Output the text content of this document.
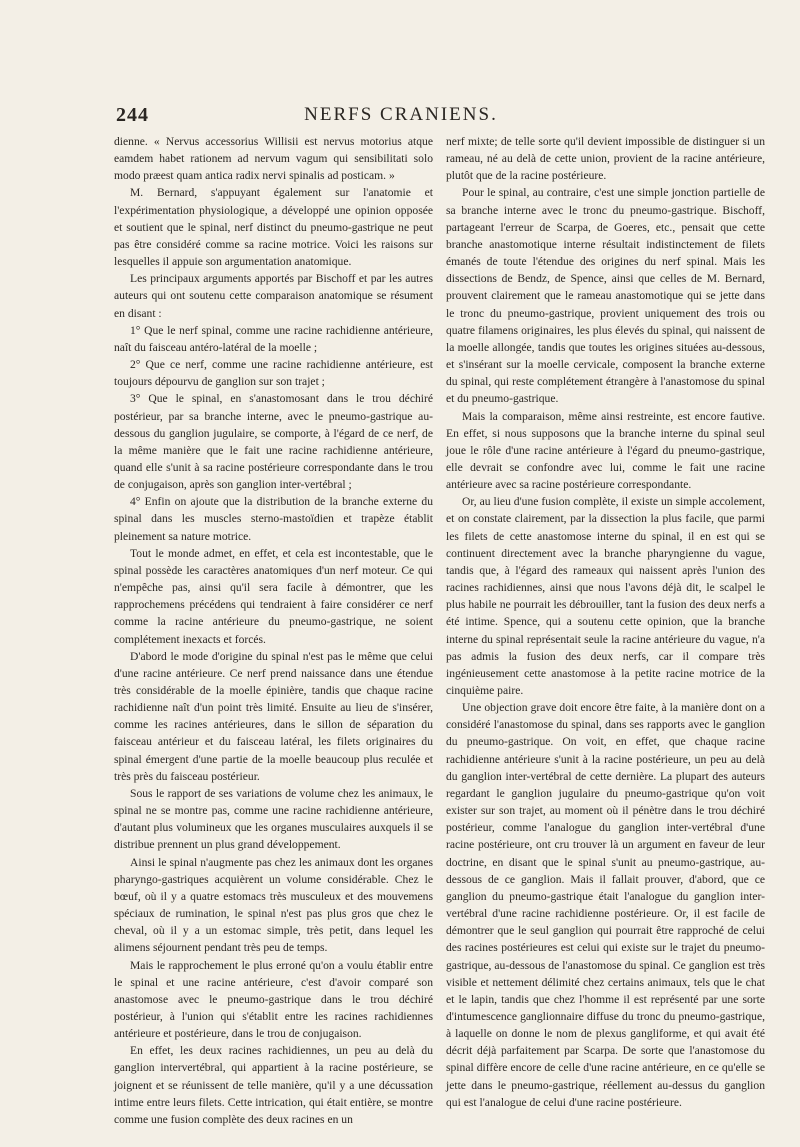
244	NERFS CRANIENS.

dienne. « Nervus accessorius Willisii est nervus motorius atque eamdem habet rationem ad nervum vagum qui sensibilitati solo modo præest quam antica radix nervi spinalis ad posticam. »

M. Bernard, s'appuyant également sur l'anatomie et l'expérimentation physiologique, a développé une opinion opposée et soutient que le spinal, nerf distinct du pneumo-gastrique ne peut pas être considéré comme sa racine motrice. Voici les raisons sur lesquelles il appuie son argumentation anatomique.

Les principaux arguments apportés par Bischoff et par les autres auteurs qui ont soutenu cette comparaison anatomique se résument en disant :

1° Que le nerf spinal, comme une racine rachidienne antérieure, naît du faisceau antéro-latéral de la moelle ;

2° Que ce nerf, comme une racine rachidienne antérieure, est toujours dépourvu de ganglion sur son trajet ;

3° Que le spinal, en s'anastomosant dans le trou déchiré postérieur, par sa branche interne, avec le pneumo-gastrique au-dessous du ganglion jugulaire, se comporte, à l'égard de ce nerf, de la même manière que le fait une racine rachidienne antérieure, quand elle s'unit à sa racine postérieure correspondante dans le trou de conjugaison, après son ganglion inter-vertébral ;

4° Enfin on ajoute que la distribution de la branche externe du spinal dans les muscles sterno-mastoïdien et trapèze établit pleinement sa nature motrice.

Tout le monde admet, en effet, et cela est incontestable, que le spinal possède les caractères anatomiques d'un nerf moteur. Ce qui n'empêche pas, ainsi qu'il sera facile à démontrer, que les rapprochemens précédens qui tendraient à faire considérer ce nerf comme la racine antérieure du pneumo-gastrique, ne soient complétement inexacts et forcés.

D'abord le mode d'origine du spinal n'est pas le même que celui d'une racine antérieure. Ce nerf prend naissance dans une étendue très considérable de la moelle épinière, tandis que chaque racine rachidienne naît d'un point très limité. Ensuite au lieu de s'insérer, comme les racines antérieures, dans le sillon de séparation du faisceau antérieur et du faisceau latéral, les filets originaires du spinal émergent d'une partie de la moelle beaucoup plus reculée et très près du faisceau postérieur.

Sous le rapport de ses variations de volume chez les animaux, le spinal ne se montre pas, comme une racine rachidienne antérieure, d'autant plus volumineux que les organes musculaires auxquels il se distribue prennent un plus grand développement.

Ainsi le spinal n'augmente pas chez les animaux dont les organes pharyngo-gastriques acquièrent un volume considérable. Chez le bœuf, où il y a quatre estomacs très musculeux et des mouvemens spéciaux de rumination, le spinal n'est pas plus gros que chez le cheval, où il y a un estomac simple, très petit, dans lequel les alimens séjournent pendant très peu de temps.

Mais le rapprochement le plus erroné qu'on a voulu établir entre le spinal et une racine antérieure, c'est d'avoir comparé son anastomose avec le pneumo-gastrique dans le trou déchiré postérieur, à l'union qui s'établit entre les racines rachidiennes antérieure et postérieure, dans le trou de conjugaison.

En effet, les deux racines rachidiennes, un peu au delà du ganglion intervertébral, qui appartient à la racine postérieure, se joignent et se réunissent de telle manière, qu'il y a une décussation intime entre leurs filets. Cette intrication, qui était entière, se montre comme une fusion complète des deux racines en un

nerf mixte; de telle sorte qu'il devient impossible de distinguer si un rameau, né au delà de cette union, provient de la racine antérieure, plutôt que de la racine postérieure.

Pour le spinal, au contraire, c'est une simple jonction partielle de sa branche interne avec le tronc du pneumo-gastrique. Bischoff, partageant l'erreur de Scarpa, de Goeres, etc., pensait que cette branche anastomotique interne résultait indistinctement de filets émanés de toute l'étendue des origines du nerf spinal. Mais les dissections de Bendz, de Spence, ainsi que celles de M. Bernard, prouvent clairement que le rameau anastomotique qui se jette dans le tronc du pneumo-gastrique, provient uniquement des trois ou quatre filamens originaires, les plus élevés du spinal, qui naissent de la moelle allongée, tandis que toutes les origines situées au-dessous, et s'insérant sur la moelle cervicale, composent la branche externe du spinal, qui reste complétement étrangère à l'anastomose du spinal et du pneumo-gastrique.

Mais la comparaison, même ainsi restreinte, est encore fautive. En effet, si nous supposons que la branche interne du spinal seul joue le rôle d'une racine antérieure à l'égard du pneumo-gastrique, elle devrait se confondre avec lui, comme le fait une racine antérieure avec sa racine postérieure correspondante.

Or, au lieu d'une fusion complète, il existe un simple accolement, et on constate clairement, par la dissection la plus facile, que parmi les filets de cette anastomose interne du spinal, il en est qui se continuent directement avec la branche pharyngienne du vague, tandis que, à l'égard des rameaux qui naissent après l'union des racines rachidiennes, ainsi que nous l'avons déjà dit, le scalpel le plus habile ne pourrait les débrouiller, tant la fusion des deux nerfs a été intime. Spence, qui a soutenu cette opinion, que la branche interne du spinal représentait seule la racine antérieure du vague, n'a pas admis la fusion des deux nerfs, car il compare très ingénieusement cette anastomose à la petite racine motrice de la cinquième paire.

Une objection grave doit encore être faite, à la manière dont on a considéré l'anastomose du spinal, dans ses rapports avec le ganglion du pneumo-gastrique. On voit, en effet, que chaque racine rachidienne antérieure s'unit à la racine postérieure, un peu au delà du ganglion inter-vertébral de cette dernière. La plupart des auteurs regardant le ganglion jugulaire du pneumo-gastrique qu'on voit exister sur son trajet, au moment où il pénètre dans le trou déchiré postérieur, comme l'analogue du ganglion inter-vertébral d'une racine postérieure, ont cru trouver là un argument en faveur de leur doctrine, en disant que le spinal s'unit au pneumo-gastrique, au-dessous de ce ganglion. Mais il fallait prouver, d'abord, que ce ganglion du pneumo-gastrique était l'analogue du ganglion inter-vertébral d'une racine rachidienne postérieure. Or, il est facile de démontrer que le seul ganglion qui pourrait être rapproché de celui des racines postérieures est celui qui existe sur le trajet du pneumo-gastrique, au-dessous de l'anastomose du spinal. Ce ganglion est très visible et nettement délimité chez certains animaux, tels que le chat et le lapin, tandis que chez l'homme il est représenté par une sorte d'intumescence ganglionnaire diffuse du tronc du pneumo-gastrique, à laquelle on donne le nom de plexus gangliforme, et qui avait été décrit déjà parfaitement par Scarpa. De sorte que l'anastomose du spinal diffère encore de celle d'une racine antérieure, en ce qu'elle se jette dans le pneumo-gastrique, réellement au-dessus du ganglion qui est l'analogue de celui d'une racine postérieure.
